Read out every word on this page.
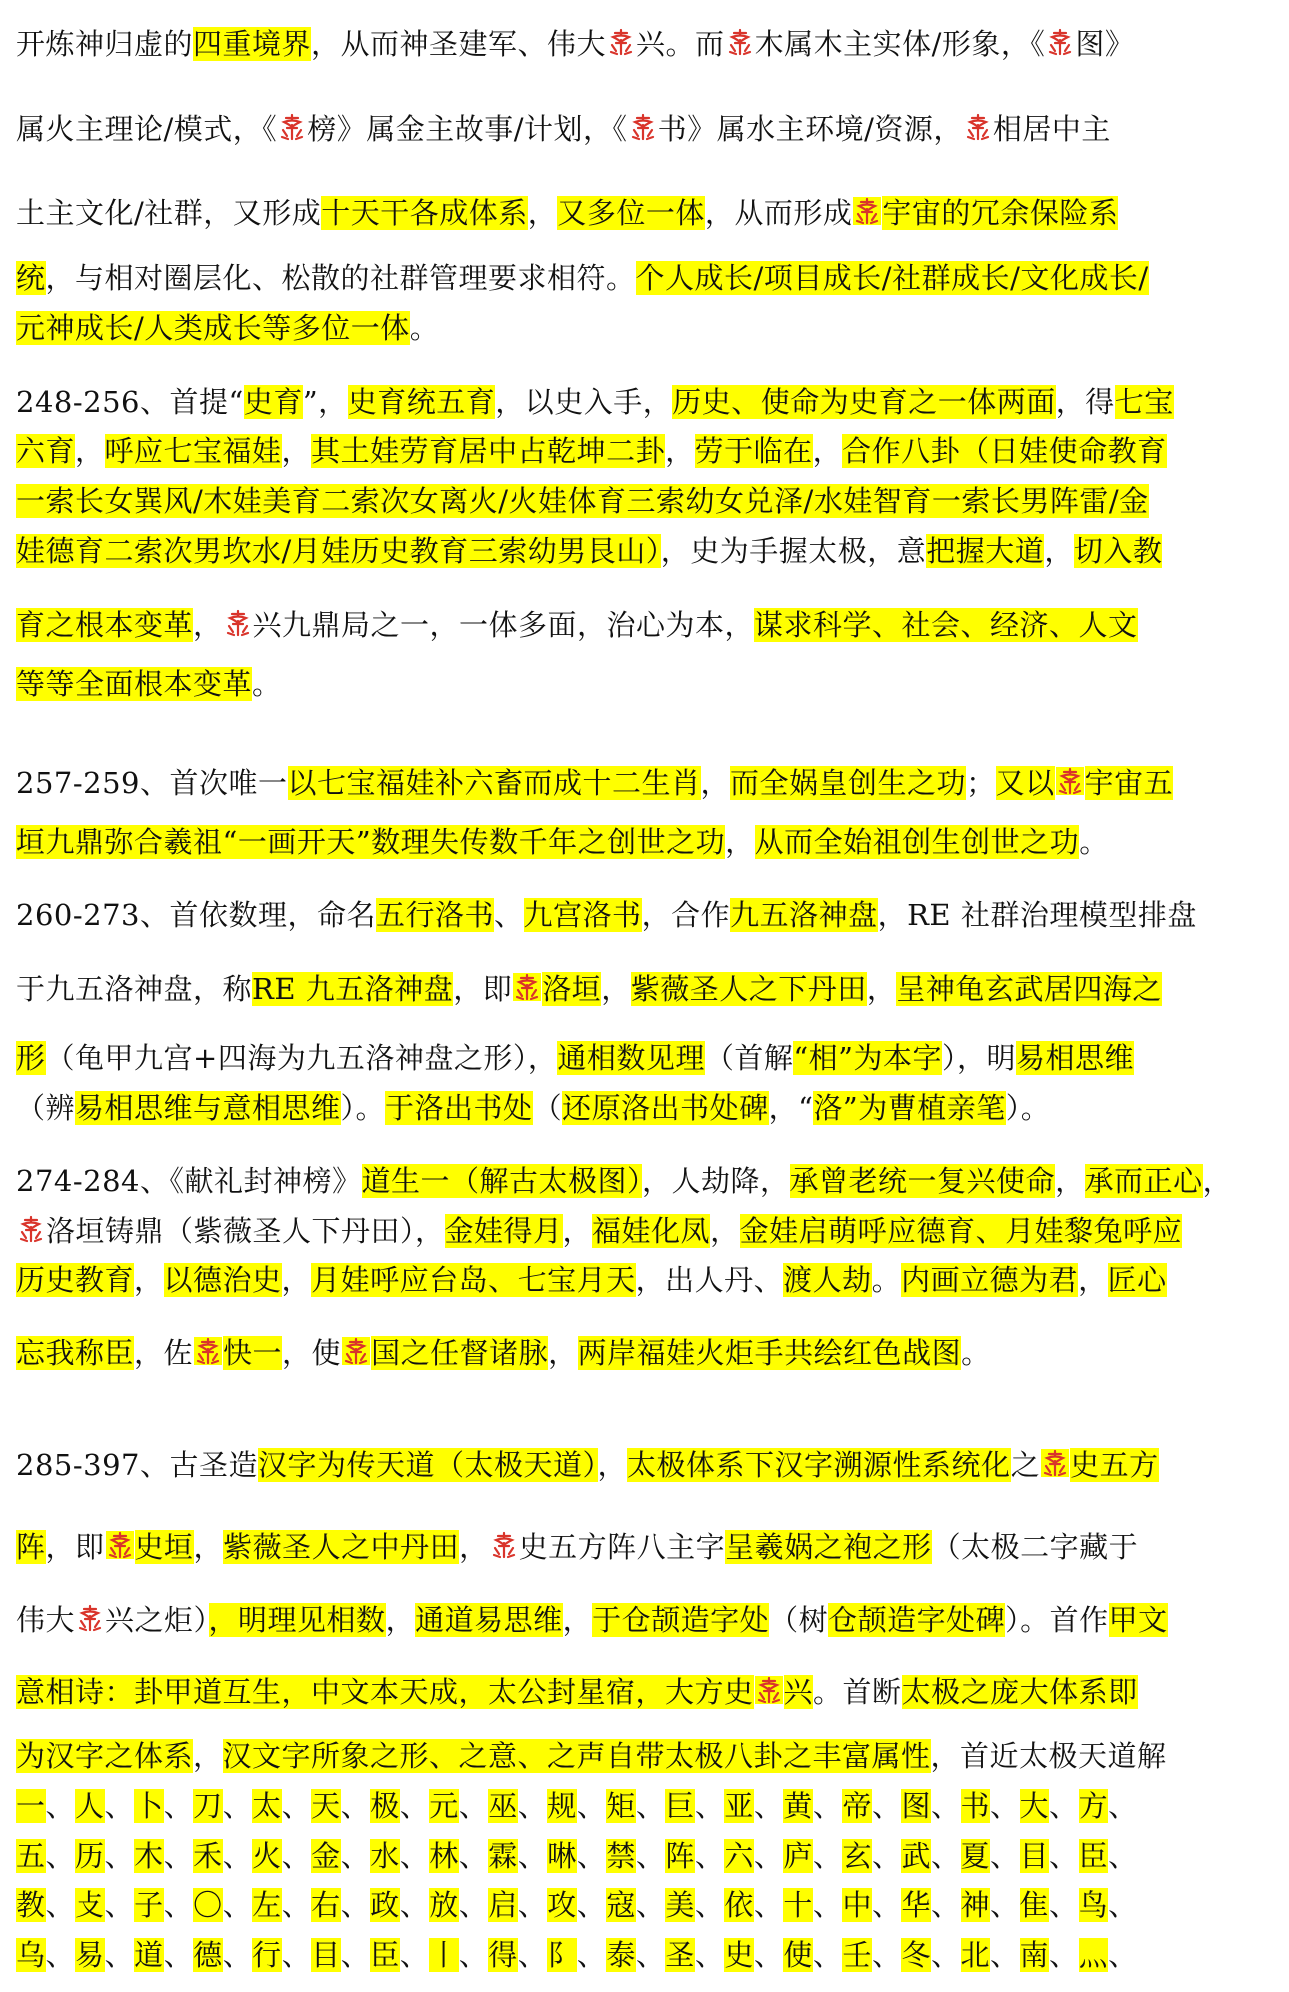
开炼神归虚的四重境界，从而神圣建军、伟大 兴。而 木属木主实体/形象，《 图》
属火主理论/模式，《 榜》属金主故事/计划，《 书》属水主环境/资源， 相居中主
土主文化/社群，又形成十天干各成体系，又多位一体，从而形成 宇宙的冗余保险系
统，与相对圈层化、松散的社群管理要求相符。个人成长/项目成长/社群成长/文化成长/
元神成长/人类成长等多位一体。
248-256、首提“史育”，史育统五育，以史入手，历史、使命为史育之一体两面，得七宝
六育，呼应七宝福娃，其土娃劳育居中占乾坤二卦，劳于临在，合作八卦（日娃使命教育
一索长女巽风/木娃美育二索次女离火/火娃体育三索幼女兑泽/水娃智育一索长男阵雷/金
娃德育二索次男坎水/月娃历史教育三索幼男艮山），史为手握太极，意把握大道，切入教
育之根本变革， 兴九鼎局之一，一体多面，治心为本，谋求科学、社会、经济、人文
等等全面根本变革。
257-259、首次唯一以七宝福娃补六畜而成十二生肖，而全娲皇创生之功；又以 宇宙五
垣九鼎弥合羲祖“一画开天”数理失传数千年之创世之功，从而全始祖创生创世之功。
260-273、首依数理，命名五行洛书、九宫洛书，合作九五洛神盘，RE 社群治理模型排盘
于九五洛神盘，称RE 九五洛神盘，即 洛垣，紫薇圣人之下丹田，呈神龟玄武居四海之
形（龟甲九宫+四海为九五洛神盘之形），通相数见理（首解“相”为本字），明易相思维
（辨易相思维与意相思维）。于洛出书处（还原洛出书处碑，“洛”为曹植亲笔）。
274-284、《献礼封神榜》道生一（解古太极图），人劫降，承曾老统一复兴使命，承而正心，
洛垣铸鼎（紫薇圣人下丹田），金娃得月，福娃化凤，金娃启萌呼应德育、月娃黎兔呼应
历史教育，以德治史，月娃呼应台岛、七宝月天，出人丹、渡人劫。内画立德为君，匠心
忘我称臣，佐 快一，使 国之任督诸脉，两岸福娃火炬手共绘红色战图。
285-397、古圣造汉字为传天道（太极天道），太极体系下汉字溯源性系统化之 史五方
阵，即 史垣，紫薇圣人之中丹田， 史五方阵八主字呈羲娲之袍之形（太极二字藏于
伟大 兴之炬），明理见相数，通道易思维，于仓颉造字处（树仓颉造字处碑）。首作甲文
意相诗：卦甲道互生，中文本天成，太公封星宿，大方史 兴。首断太极之庞大体系即
为汉字之体系，汉文字所象之形、之意、之声自带太极八卦之丰富属性，首近太极天道解
一、人、卜、刀、太、天、极、元、巫、规、矩、巨、亚、黄、帝、图、书、大、方、
五、历、木、禾、火、金、水、林、霖、啉、禁、阵、六、庐、玄、武、夏、目、臣、
教、攴、子、〇、左、右、政、放、启、攻、寇、美、依、十、中、华、神、隹、鸟、
乌、易、道、德、行、目、臣、丨、得、阝、泰、圣、史、使、壬、冬、北、南、灬、
